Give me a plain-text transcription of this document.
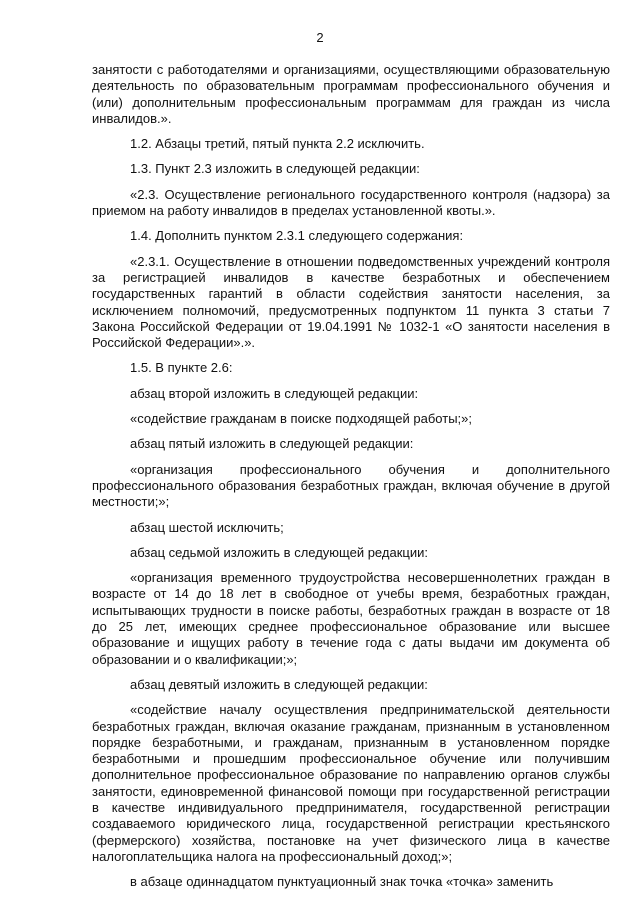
2

занятости с работодателями и организациями, осуществляющими образовательную деятельность по образовательным программам профессионального обучения и (или) дополнительным профессиональным программам для граждан из числа инвалидов.».

1.2. Абзацы третий, пятый пункта 2.2 исключить.

1.3. Пункт 2.3 изложить в следующей редакции:

«2.3. Осуществление регионального государственного контроля (надзора) за приемом на работу инвалидов в пределах установленной квоты.».

1.4. Дополнить пунктом 2.3.1 следующего содержания:

«2.3.1. Осуществление в отношении подведомственных учреждений контроля за регистрацией инвалидов в качестве безработных и обеспечением государственных гарантий в области содействия занятости населения, за исключением полномочий, предусмотренных подпунктом 11 пункта 3 статьи 7 Закона Российской Федерации от 19.04.1991 № 1032-1 «О занятости населения в Российской Федерации».».

1.5. В пункте 2.6:

абзац второй изложить в следующей редакции:

«содействие гражданам в поиске подходящей работы;»;

абзац пятый изложить в следующей редакции:

«организация профессионального обучения и дополнительного профессионального образования безработных граждан, включая обучение в другой местности;»;

абзац шестой исключить;

абзац седьмой изложить в следующей редакции:

«организация временного трудоустройства несовершеннолетних граждан в возрасте от 14 до 18 лет в свободное от учебы время, безработных граждан, испытывающих трудности в поиске работы, безработных граждан в возрасте от 18 до 25 лет, имеющих среднее профессиональное образование или высшее образование и ищущих работу в течение года с даты выдачи им документа об образовании и о квалификации;»;

абзац девятый изложить в следующей редакции:

«содействие началу осуществления предпринимательской деятельности безработных граждан, включая оказание гражданам, признанным в установленном порядке безработными, и гражданам, признанным в установленном порядке безработными и прошедшим профессиональное обучение или получившим дополнительное профессиональное образование по направлению органов службы занятости, единовременной финансовой помощи при государственной регистрации в качестве индивидуального предпринимателя, государственной регистрации создаваемого юридического лица, государственной регистрации крестьянского (фермерского) хозяйства, постановке на учет физического лица в качестве налогоплательщика налога на профессиональный доход;»;

в абзаце одиннадцатом пунктуационный знак точка «точка» заменить
